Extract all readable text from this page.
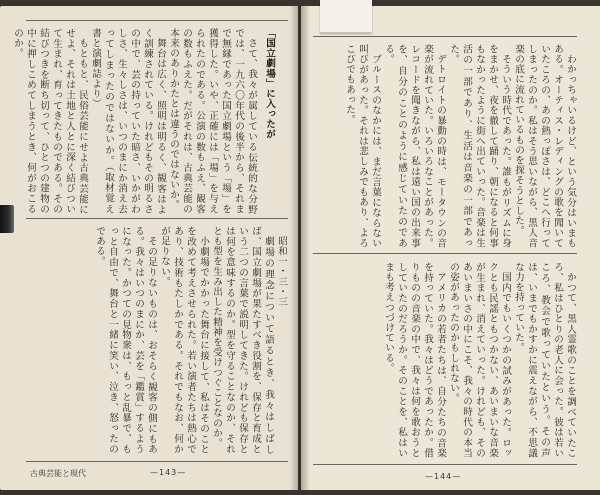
「国立劇場」に入ったが

さて、我々が属している伝統的な分野では、一九六〇年代の後半から、それまで無縁であった国立劇場という「場」を獲得した。いや、正確には「場」を与えられたのである。公演の数もふえ、観客の数もふえた。だがそれは、古典芸能の本来のありかたとは違うのではないか。

舞台は広く、照明は明るく、観客はよく訓練されている。けれどもその明るさの中で、芸の持っていた暗さ、いかがわしさ、生々しさは、いつのまにか消え去ってしまったのではないか。（取材覚え書と演劇誌より）

もともと、民俗芸能にせよ古典芸能にせよ、それは土地と人とに深く結びついて生まれ、育ってきたものである。その結びつきを断ち切って、ひとつの建物の中に押しこめてしまうとき、何がおこるのか。

昭和一・三・三

劇場の理念について語るとき、我々はしばしば、国立劇場が果たすべき役割を、保存と育成という二つの言葉で説明してきた。けれども保存とは何を意味するのか。型を守ることなのか、それとも型を生み出した精神を受けつぐことなのか。

小劇場でかかった舞台に接して、私はそのことを改めて考えさせられた。若い演者たちは熱心であり、技術もたしかである。それでもなお、何かが足りない。

その足りないものは、おそらく観客の側にもある。我々はいつのまにか、芸を「鑑賞」するようになった。かつての見物衆は、もっと乱暴で、もっと自由で、舞台と一緒に笑い、泣き、怒ったのである。

古典芸能と現代	—143—

わかっちゃいるけど、という気分はいまもある。オーティス・レディングの歌を聞いていたころの、あの熱っぽさは、どこへ行ってしまったのか。私はそう思いながら、黒人音楽の底に流れているものを探そうとした。

そういう時代であった。誰もがリズムに身をまかせ、夜を徹して踊り、朝になると何事もなかったように街へ出ていった。音楽は生活の一部であり、生活は音楽の一部であった。

デトロイトの暴動の時は、モータウンの音楽が流れていた。いろいろなことがあった。レコードを聞きながら、私は遠い国の出来事を、自分のことのように感じていたのである。

ブルースのなかには、まだ言葉にならない叫びがあった。それは悲しみでもあり、よろこびでもあった。

かつて、黒人霊歌のことを調べていたころ、私はひとりの老人に会った。彼は若いころ、教会で歌っていたという。その声は、いまでもかすかに震えながら、不思議な力を持っていた。

国内でもいくつかの試みがあった。ロックとも民謡ともつかない、あいまいな音楽が生まれ、消えていった。けれども、そのあいまいさの中にこそ、我々の時代の本当の姿があったのかもしれない。

アメリカの若者たちは、自分たちの音楽を持っていた。我々はどうであったか。借りものの音楽の中で、我々は何を歌おうとしていたのだろうか。そのことを、私はいまも考えつづけている。

—144—
